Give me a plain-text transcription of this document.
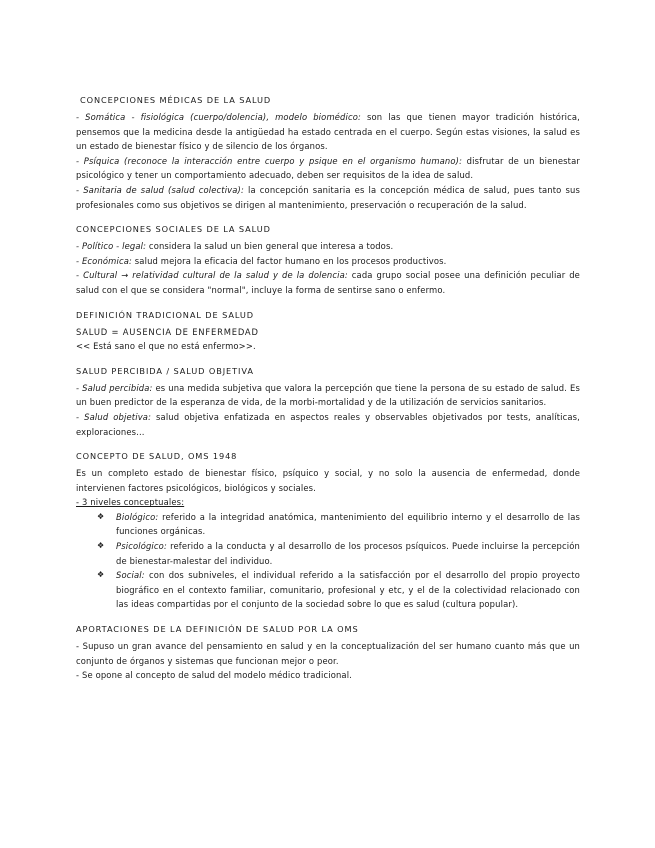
CONCEPCIONES MÉDICAS DE LA SALUD

- Somática - fisiológica (cuerpo/dolencia), modelo biomédico: son las que tienen mayor tradición histórica, pensemos que la medicina desde la antigüedad ha estado centrada en el cuerpo. Según estas visiones, la salud es un estado de bienestar físico y de silencio de los órganos.

- Psíquica (reconoce la interacción entre cuerpo y psique en el organismo humano): disfrutar de un bienestar psicológico y tener un comportamiento adecuado, deben ser requisitos de la idea de salud.

- Sanitaria de salud (salud colectiva): la concepción sanitaria es la concepción médica de salud, pues tanto sus profesionales como sus objetivos se dirigen al mantenimiento, preservación o recuperación de la salud.

CONCEPCIONES SOCIALES DE LA SALUD

- Político - legal: considera la salud un bien general que interesa a todos.

- Económica: salud mejora la eficacia del factor humano en los procesos productivos.

- Cultural → relatividad cultural de la salud y de la dolencia: cada grupo social posee una definición peculiar de salud con el que se considera "normal", incluye la forma de sentirse sano o enfermo.

DEFINICIÓN TRADICIONAL DE SALUD

SALUD = AUSENCIA DE ENFERMEDAD

<< Está sano el que no está enfermo>>.

SALUD PERCIBIDA / SALUD OBJETIVA

- Salud percibida: es una medida subjetiva que valora la percepción que tiene la persona de su estado de salud. Es un buen predictor de la esperanza de vida, de la morbi-mortalidad y de la utilización de servicios sanitarios.

- Salud objetiva: salud objetiva enfatizada en aspectos reales y observables objetivados por tests, analíticas, exploraciones…

CONCEPTO DE SALUD, OMS 1948

Es un completo estado de bienestar físico, psíquico y social, y no solo la ausencia de enfermedad, donde intervienen factores psicológicos, biológicos y sociales.

- 3 niveles conceptuales:

❖ Biológico: referido a la integridad anatómica, mantenimiento del equilibrio interno y el desarrollo de las funciones orgánicas.
❖ Psicológico: referido a la conducta y al desarrollo de los procesos psíquicos. Puede incluirse la percepción de bienestar-malestar del individuo.
❖ Social: con dos subniveles, el individual referido a la satisfacción por el desarrollo del propio proyecto biográfico en el contexto familiar, comunitario, profesional y etc, y el de la colectividad relacionado con las ideas compartidas por el conjunto de la sociedad sobre lo que es salud (cultura popular).
APORTACIONES DE LA DEFINICIÓN DE SALUD POR LA OMS

- Supuso un gran avance del pensamiento en salud y en la conceptualización del ser humano cuanto más que un conjunto de órganos y sistemas que funcionan mejor o peor.

- Se opone al concepto de salud del modelo médico tradicional.
